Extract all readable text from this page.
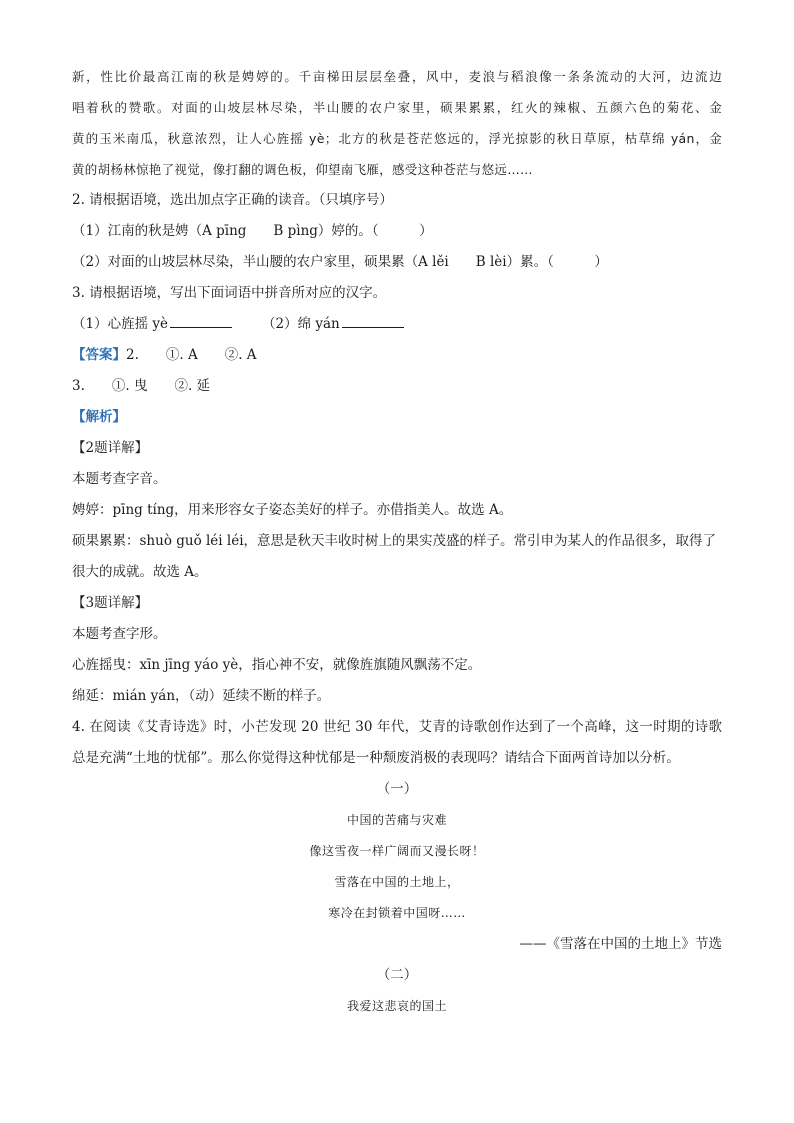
新，性比价最高江南的秋是娉婷的。千亩梯田层层垒叠，风中，麦浪与稻浪像一条条流动的大河，边流边
唱着秋的赞歌。对面的山坡层林尽染，半山腰的农户家里，硕果累累，红火的辣椒、五颜六色的菊花、金
黄的玉米南瓜，秋意浓烈，让人心旌摇 yè；北方的秋是苍茫悠远的，浮光掠影的秋日草原，枯草绵 yán，金
黄的胡杨林惊艳了视觉，像打翻的调色板，仰望南飞雁，感受这种苍茫与悠远……
2. 请根据语境，选出加点字正确的读音。（只填序号）
（1）江南的秋是娉（A pīng　　B pìng）婷的。（　　　）
（2）对面的山坡层林尽染，半山腰的农户家里，硕果累（A lěi　　B lèi）累。（　　　）
3. 请根据语境，写出下面词语中拼音所对应的汉字。
（1）心旌摇 yè	（2）绵 yán
【答案】2.　　①. A　　②. A
3.　　①. 曳　　②. 延
【解析】
【2题详解】
本题考查字音。
娉婷：pīng tíng，用来形容女子姿态美好的样子。亦借指美人。故选 A。
硕果累累：shuò guǒ léi léi，意思是秋天丰收时树上的果实茂盛的样子。常引申为某人的作品很多，取得了
很大的成就。故选 A。
【3题详解】
本题考查字形。
心旌摇曳：xīn jīng yáo yè，指心神不安，就像旌旗随风飘荡不定。
绵延：mián yán，（动）延续不断的样子。
4. 在阅读《艾青诗选》时，小芒发现 20 世纪 30 年代，艾青的诗歌创作达到了一个高峰，这一时期的诗歌
总是充满“土地的忧郁”。那么你觉得这种忧郁是一种颓废消极的表现吗？请结合下面两首诗加以分析。
（一）
中国的苦痛与灾难
像这雪夜一样广阔而又漫长呀！
雪落在中国的土地上，
寒冷在封锁着中国呀……
——《雪落在中国的土地上》节选
（二）
我爱这悲哀的国土
